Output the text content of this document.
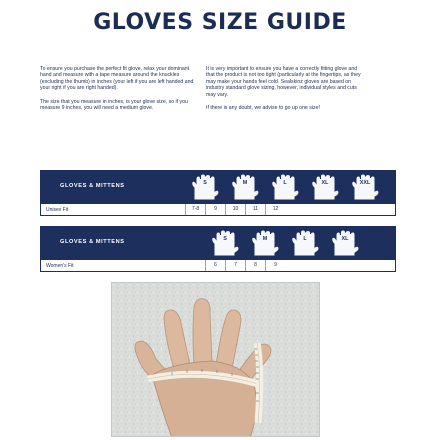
GLOVES SIZE GUIDE

To ensure you purchase the perfect fit glove, relax your dominant hand and measure with a tape measure around the knuckles (excluding the thumb) in inches (your left if you are left handed and your right if you are right handed).

The size that you measure in inches, is your glove size, so if you measure 9 inches, you will need a medium glove.

It is very important to ensure you have a correctly fitting glove and that the product is not too tight (particularly at the fingertips, as they may make your hands feel cold. Sealskinz gloves are based on industry standard glove sizing, however, individual styles and cuts may vary.

If there is any doubt, we advise to go up one size!

GLOVES & MITTENS	S	M	L	XL	XXL
Unisex Fit	7-8	9	10	11	12
GLOVES & MITTENS	S	M	L	XL
Women's Fit	6	7	8	9
